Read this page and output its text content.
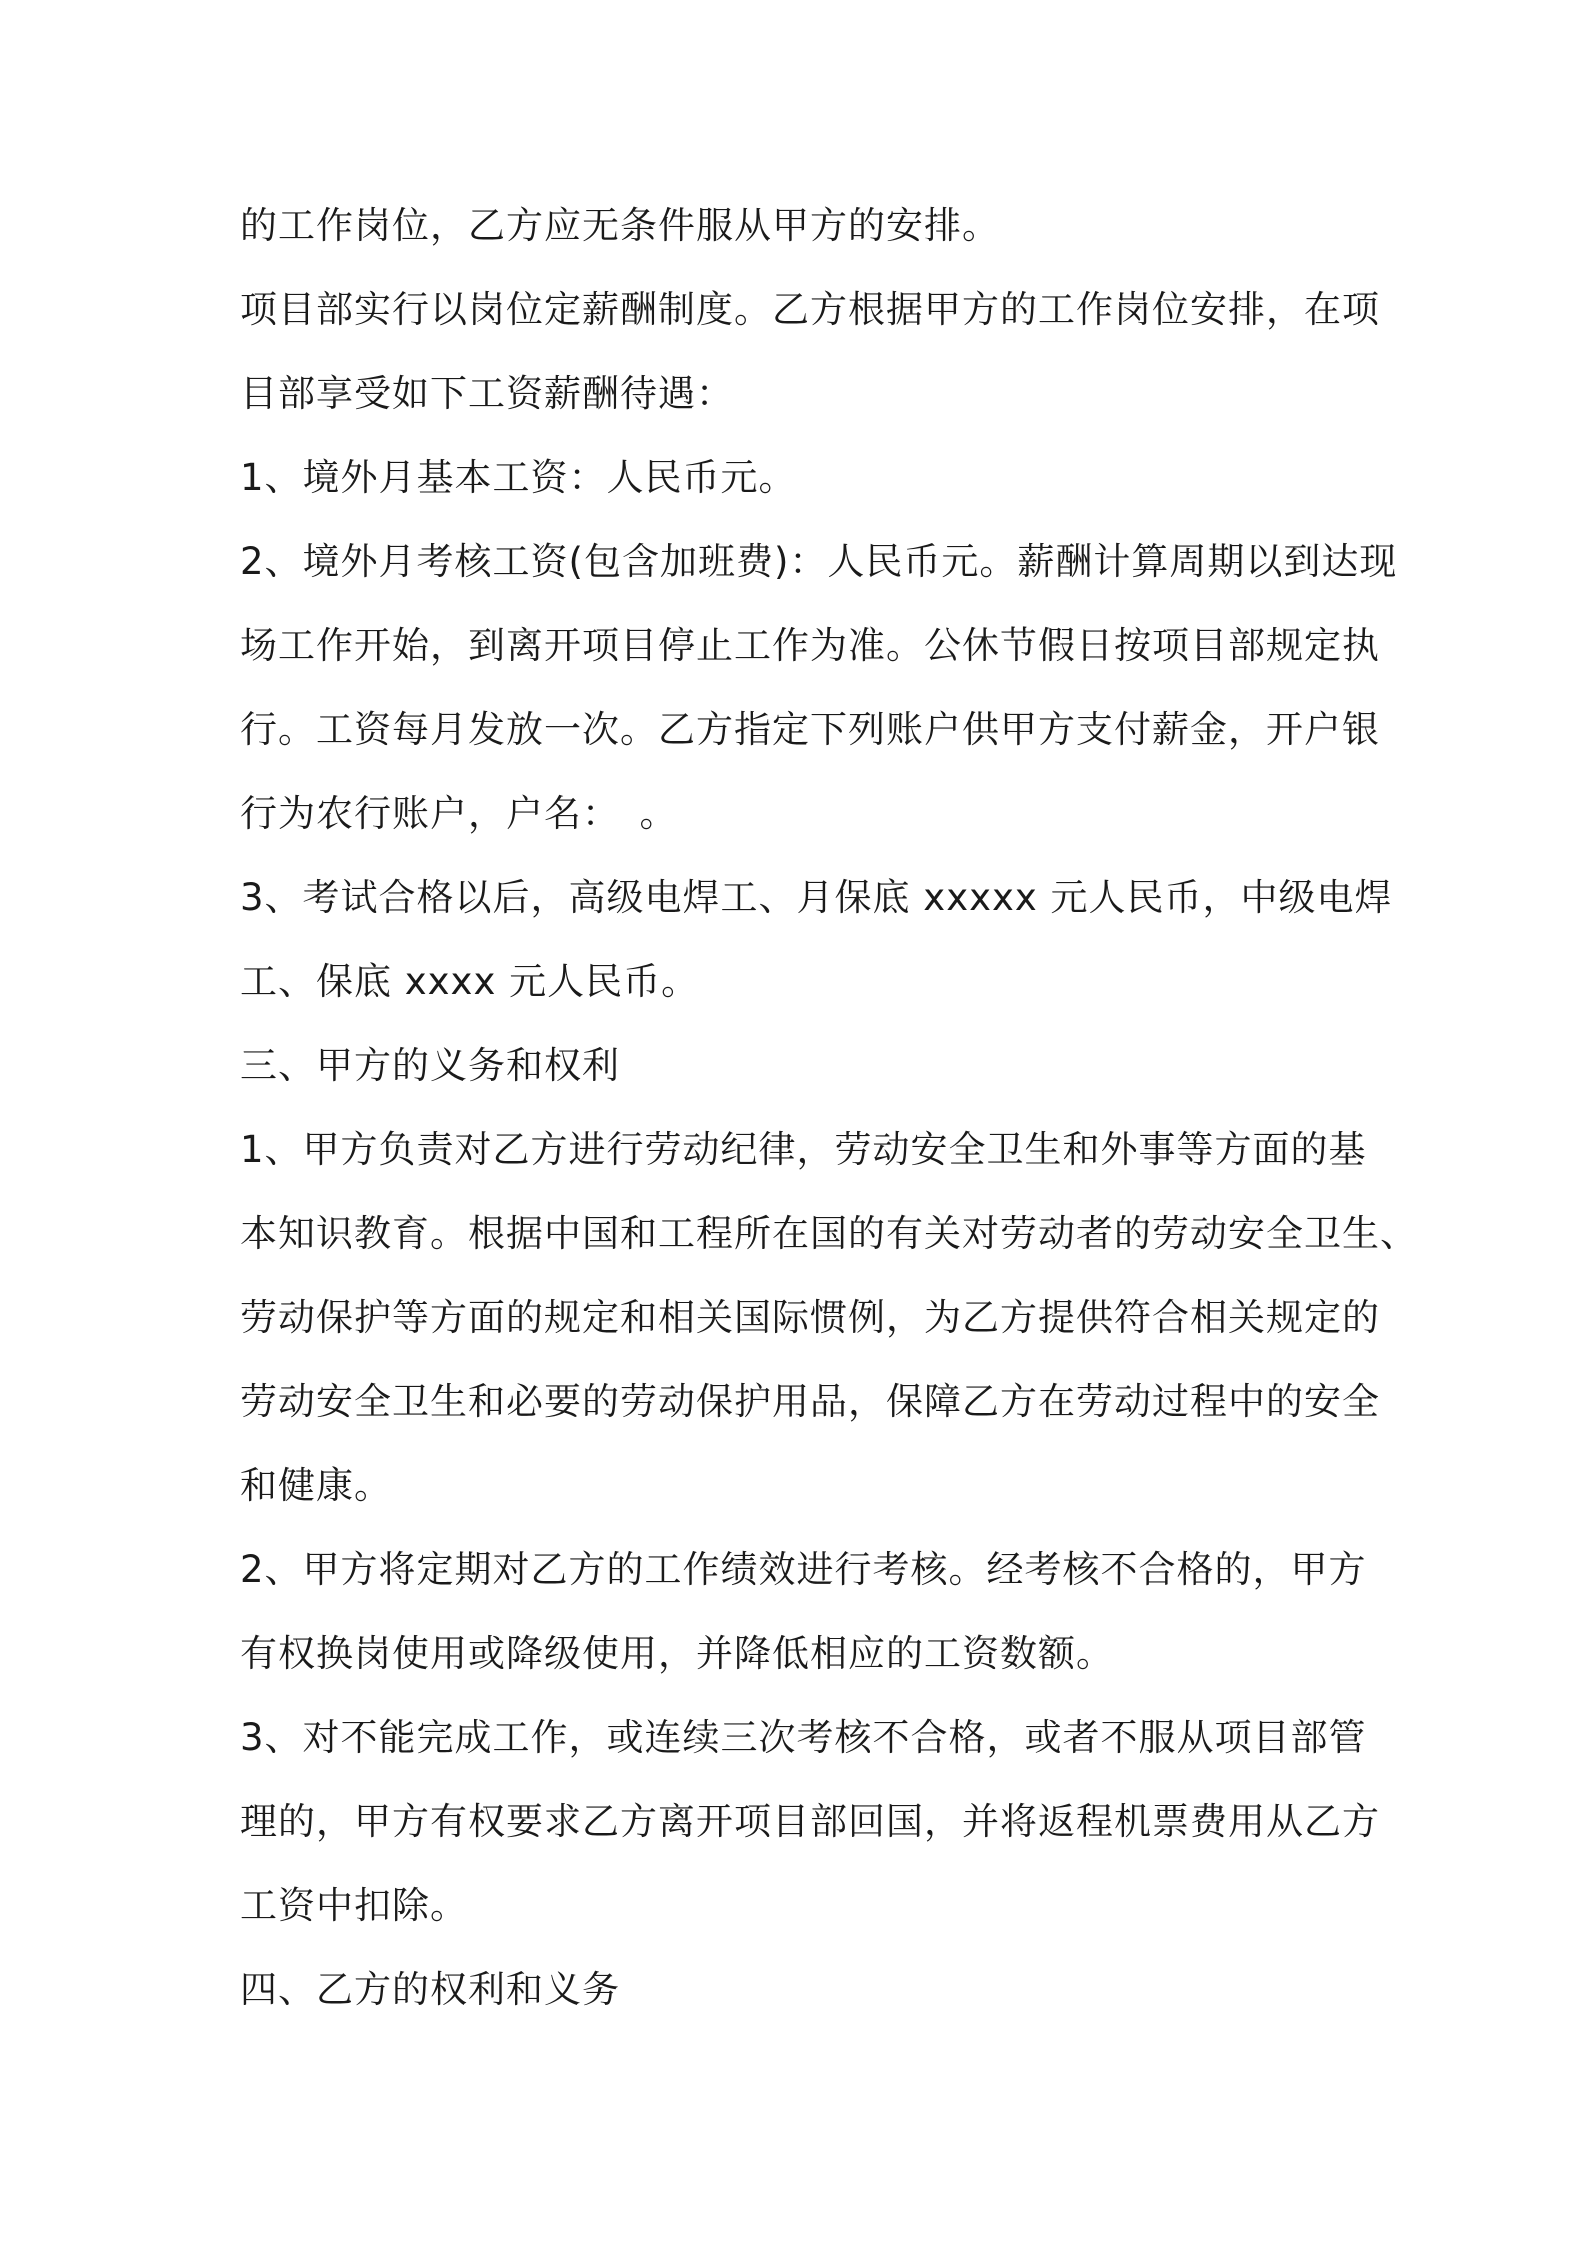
的工作岗位，乙方应无条件服从甲方的安排。
项目部实行以岗位定薪酬制度。乙方根据甲方的工作岗位安排，在项
目部享受如下工资薪酬待遇：
1、境外月基本工资：人民币元。
2、境外月考核工资(包含加班费)：人民币元。薪酬计算周期以到达现
场工作开始，到离开项目停止工作为准。公休节假日按项目部规定执
行。工资每月发放一次。乙方指定下列账户供甲方支付薪金，开户银
行为农行账户，户名：　。
3、考试合格以后，高级电焊工、月保底 xxxxx 元人民币，中级电焊
工、保底 xxxx 元人民币。
三、甲方的义务和权利
1、甲方负责对乙方进行劳动纪律，劳动安全卫生和外事等方面的基
本知识教育。根据中国和工程所在国的有关对劳动者的劳动安全卫生、
劳动保护等方面的规定和相关国际惯例，为乙方提供符合相关规定的
劳动安全卫生和必要的劳动保护用品，保障乙方在劳动过程中的安全
和健康。
2、甲方将定期对乙方的工作绩效进行考核。经考核不合格的，甲方
有权换岗使用或降级使用，并降低相应的工资数额。
3、对不能完成工作，或连续三次考核不合格，或者不服从项目部管
理的，甲方有权要求乙方离开项目部回国，并将返程机票费用从乙方
工资中扣除。
四、乙方的权利和义务
